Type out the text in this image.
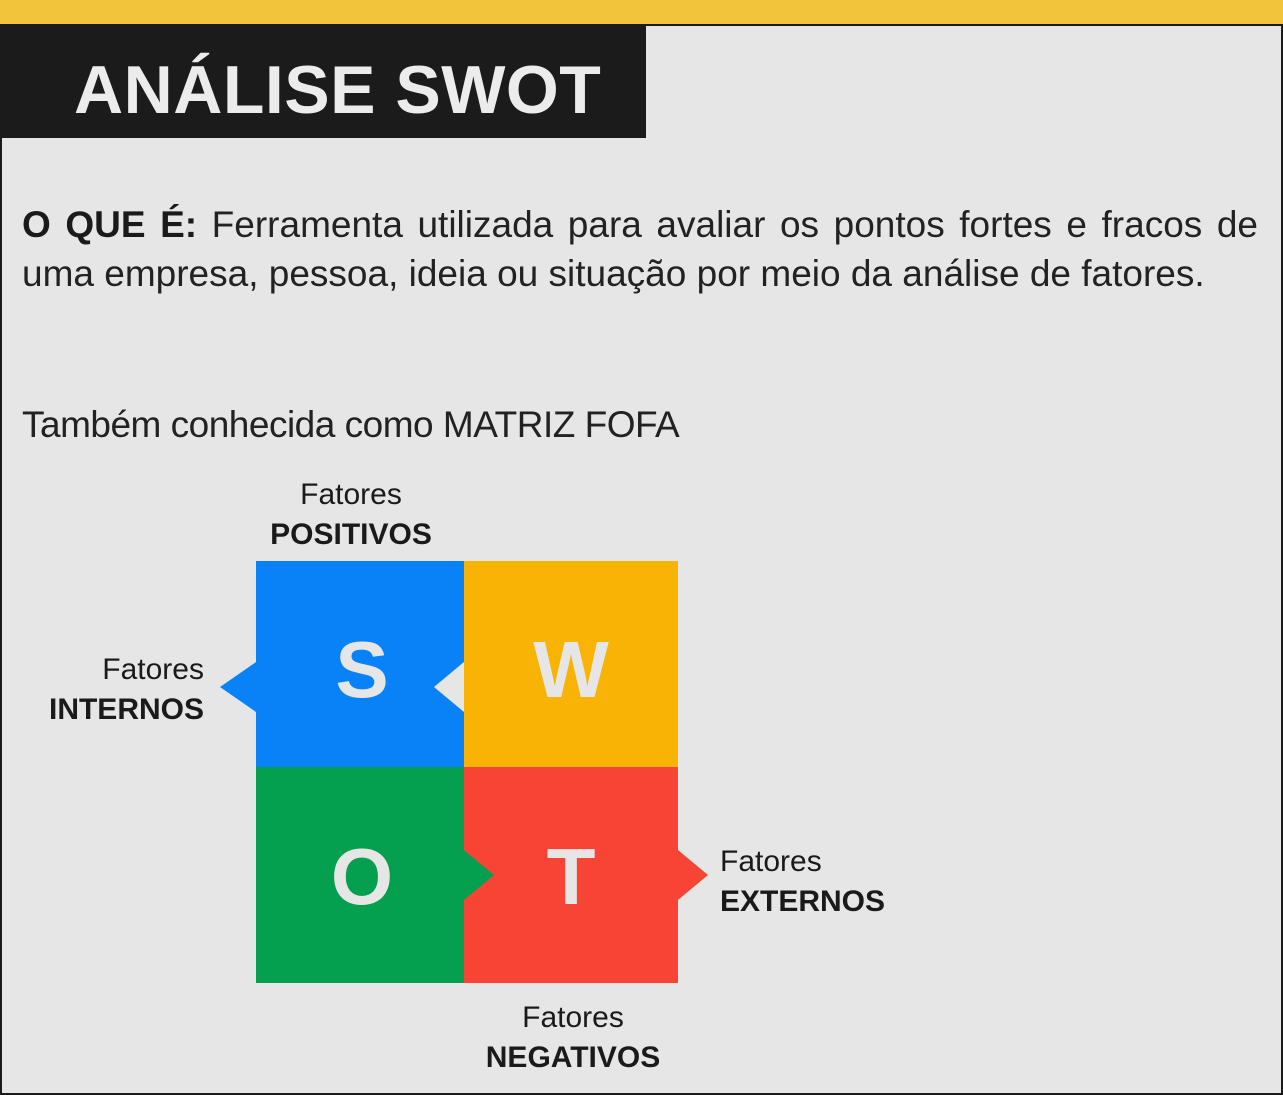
ANÁLISE SWOT
O QUE É: Ferramenta utilizada para avaliar os pontos fortes e fracos de uma empresa, pessoa, ideia ou situação por meio da análise de fatores.
Também conhecida como MATRIZ FOFA
Fatores
POSITIVOS
Fatores
INTERNOS
Fatores
EXTERNOS
Fatores
NEGATIVOS
S W
O T
